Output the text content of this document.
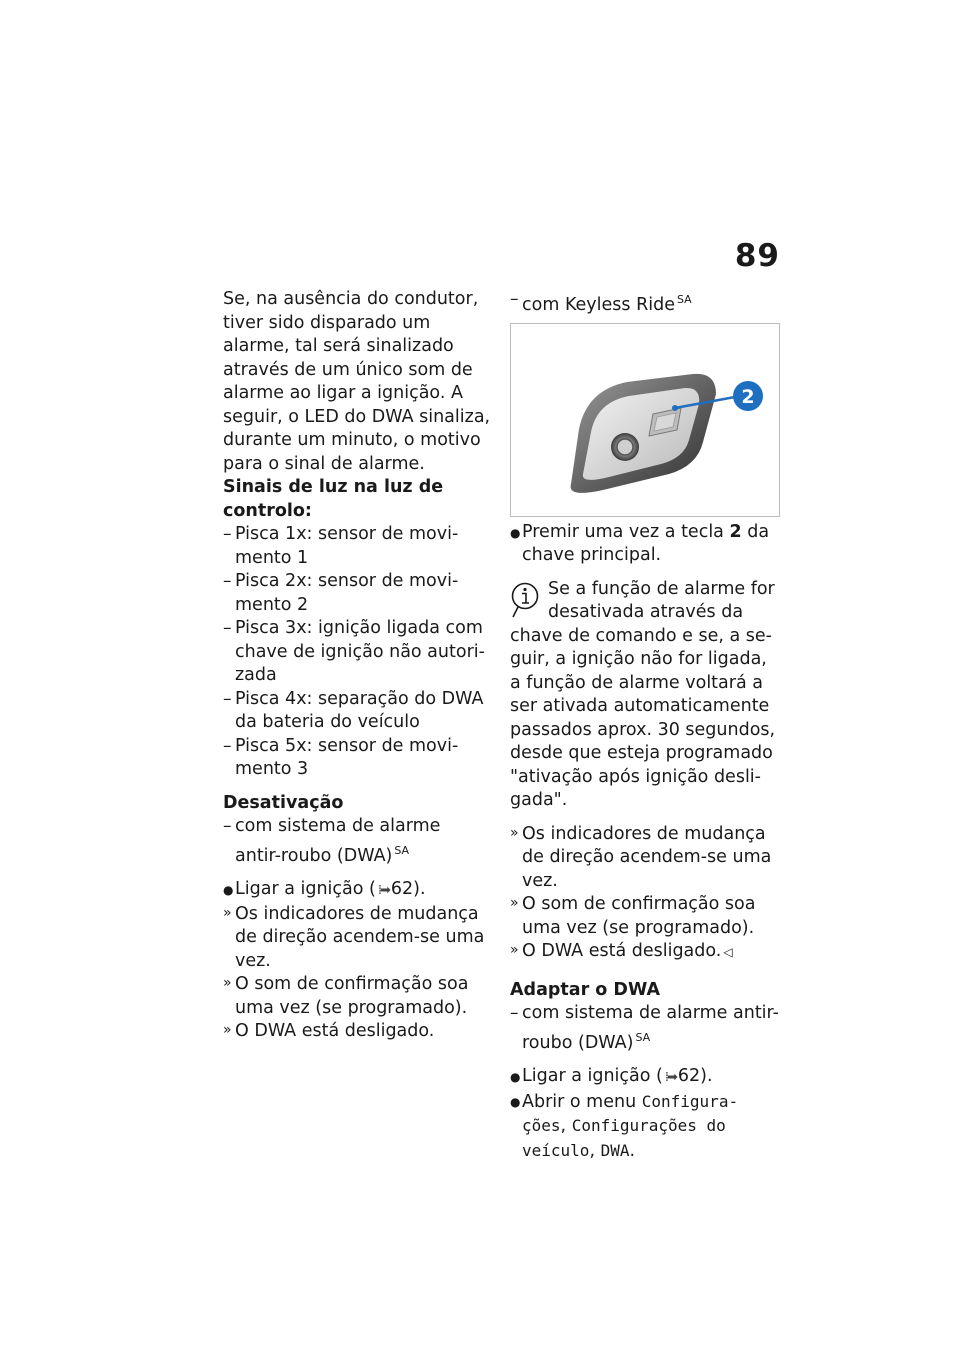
89

Se, na ausência do condutor, tiver sido disparado um alarme, tal será sinalizado através de um único som de alarme ao ligar a ignição. A seguir, o LED do DWA sinaliza, durante um minuto, o motivo para o sinal de alarme.

Sinais de luz na luz de controlo:

– Pisca 1x: sensor de movi-mento 1
– Pisca 2x: sensor de movi-mento 2
– Pisca 3x: ignição ligada com chave de ignição não autori-zada
– Pisca 4x: separação do DWA da bateria do veículo
– Pisca 5x: sensor de movi-mento 3

Desativação

– com sistema de alarme antir-roubo (DWA) $^{SA}$
● Ligar a ignição ( ⁞➡ 62).
» Os indicadores de mudança de direção acendem-se uma vez.
» O som de confirmação soa uma vez (se programado).
» O DWA está desligado.
– com Keyless Ride $^{SA}$
2
● Premir uma vez a tecla 2 da chave principal.

Se a função de alarme for desativada através da chave de comando e se, a se-guir, a ignição não for ligada, a função de alarme voltará a ser ativada automaticamente passados aprox. 30 segundos, desde que esteja programado "ativação após ignição desli-gada".

» Os indicadores de mudança de direção acendem-se uma vez.
» O som de confirmação soa uma vez (se programado).
» O DWA está desligado. ◁

Adaptar o DWA

– com sistema de alarme antir-roubo (DWA) $^{SA}$
● Ligar a ignição ( ⁞➡ 62).
● Abrir o menu Configura-ções, Configurações do veículo, DWA.
